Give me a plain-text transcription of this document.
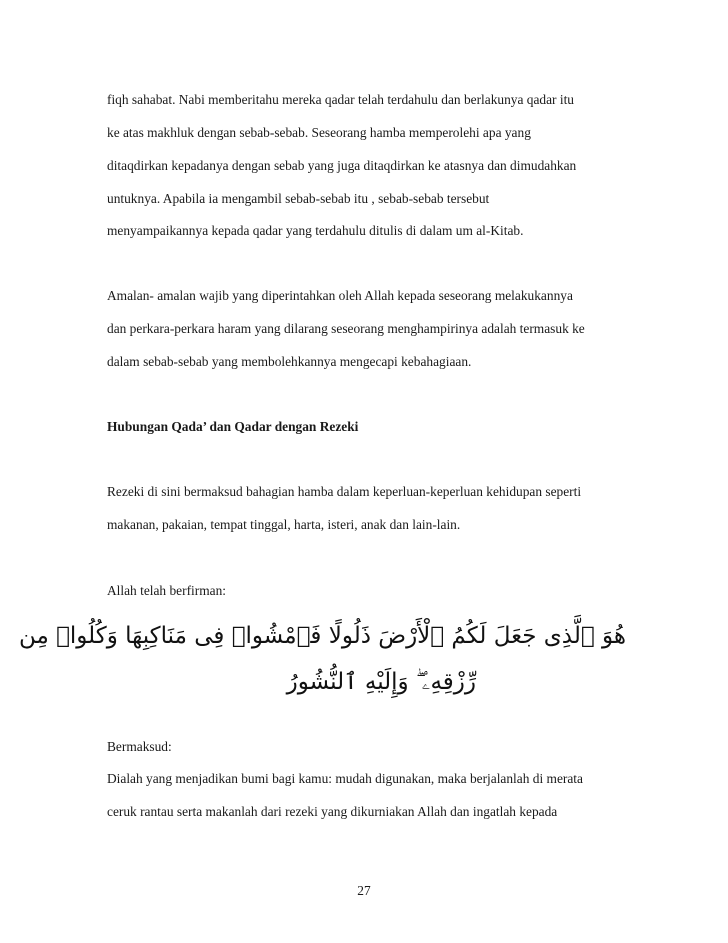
fiqh sahabat. Nabi memberitahu mereka qadar telah terdahulu dan berlakunya qadar itu
ke atas makhluk dengan sebab-sebab. Seseorang hamba memperolehi apa yang
ditaqdirkan kepadanya dengan sebab yang juga ditaqdirkan ke atasnya dan dimudahkan
untuknya. Apabila ia mengambil sebab-sebab itu , sebab-sebab tersebut
menyampaikannya kepada qadar yang terdahulu ditulis di dalam um al-Kitab.
Amalan- amalan wajib yang diperintahkan oleh Allah kepada seseorang melakukannya
dan perkara-perkara haram yang dilarang seseorang menghampirinya adalah termasuk ke
dalam sebab-sebab yang membolehkannya mengecapi kebahagiaan.
Hubungan Qada’ dan Qadar dengan Rezeki
Rezeki di sini bermaksud bahagian hamba dalam keperluan-keperluan kehidupan seperti
makanan, pakaian, tempat tinggal, harta, isteri, anak dan lain-lain.
Allah telah berfirman:
هُوَ ٱلَّذِى جَعَلَ لَكُمُ ٱلْأَرْضَ ذَلُولًا فَٱمْشُوا۟ فِى مَنَاكِبِهَا وَكُلُوا۟ مِن
رِّزْقِهِۦ ۖ وَإِلَيْهِ ٱلنُّشُورُ
Bermaksud:
Dialah yang menjadikan bumi bagi kamu: mudah digunakan, maka berjalanlah di merata
ceruk rantau serta makanlah dari rezeki yang dikurniakan Allah dan ingatlah kepada
27
